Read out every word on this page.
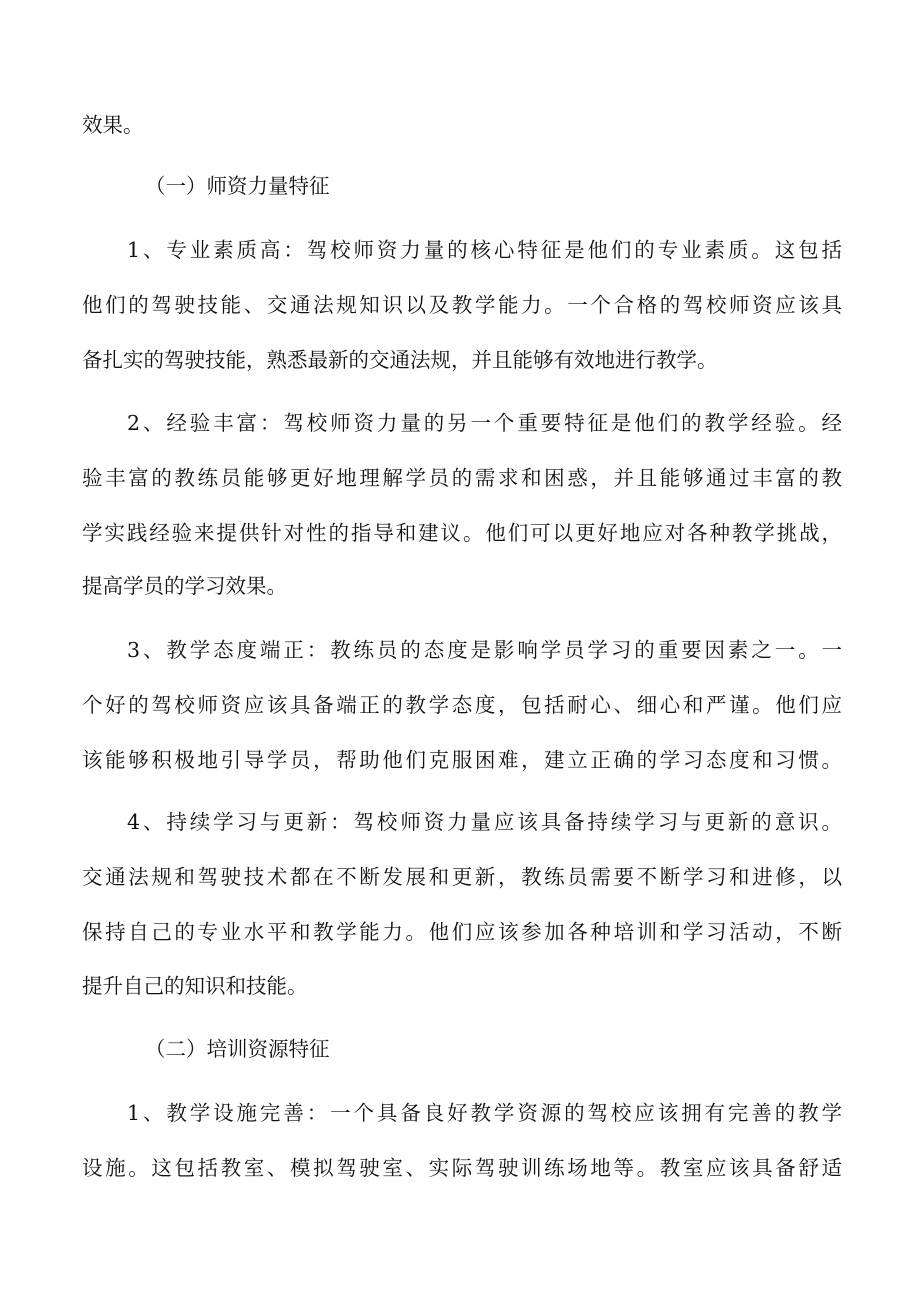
效果。

（一）师资力量特征

1、专业素质高：驾校师资力量的核心特征是他们的专业素质。这包括

他们的驾驶技能、交通法规知识以及教学能力。一个合格的驾校师资应该具

备扎实的驾驶技能，熟悉最新的交通法规，并且能够有效地进行教学。

2、经验丰富：驾校师资力量的另一个重要特征是他们的教学经验。经

验丰富的教练员能够更好地理解学员的需求和困惑，并且能够通过丰富的教

学实践经验来提供针对性的指导和建议。他们可以更好地应对各种教学挑战，

提高学员的学习效果。

3、教学态度端正：教练员的态度是影响学员学习的重要因素之一。一

个好的驾校师资应该具备端正的教学态度，包括耐心、细心和严谨。他们应

该能够积极地引导学员，帮助他们克服困难，建立正确的学习态度和习惯。

4、持续学习与更新：驾校师资力量应该具备持续学习与更新的意识。

交通法规和驾驶技术都在不断发展和更新，教练员需要不断学习和进修，以

保持自己的专业水平和教学能力。他们应该参加各种培训和学习活动，不断

提升自己的知识和技能。

（二）培训资源特征

1、教学设施完善：一个具备良好教学资源的驾校应该拥有完善的教学

设施。这包括教室、模拟驾驶室、实际驾驶训练场地等。教室应该具备舒适
